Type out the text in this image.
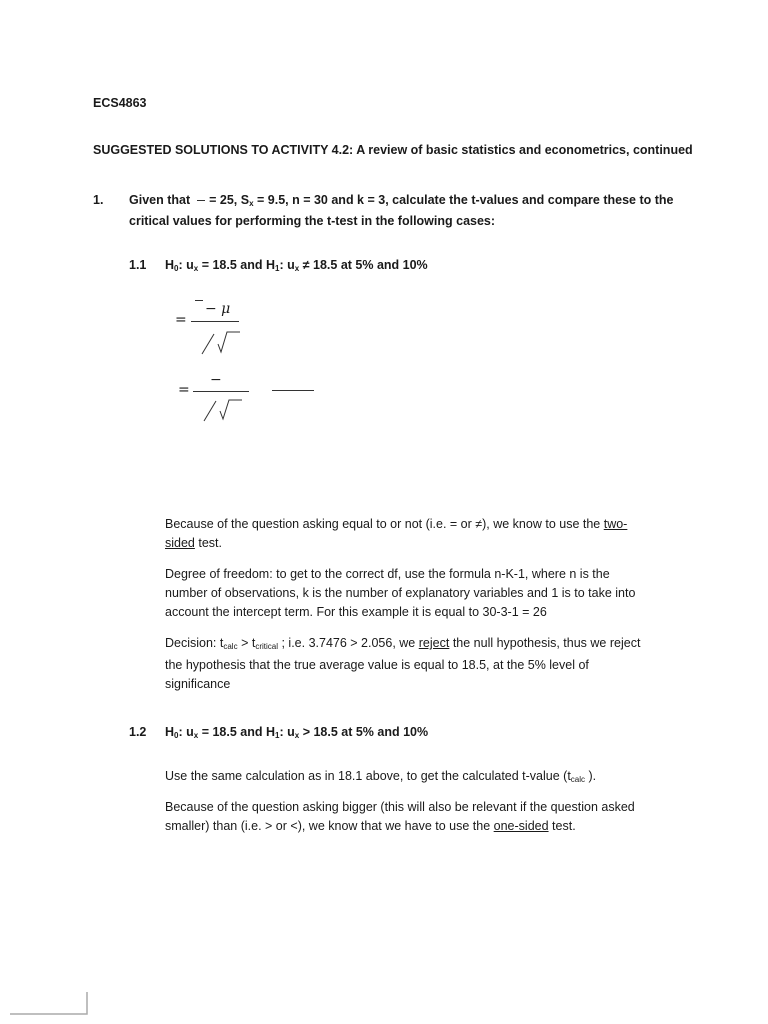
ECS4863
SUGGESTED SOLUTIONS TO ACTIVITY 4.2: A review of basic statistics and econometrics, continued
1. Given that = 25, $S_x = 9.5$, n = 30 and k = 3, calculate the t-values and compare these to the
critical values for performing the t-test in the following cases:
1.1 $H_0$: $u_x = 18.5$ and $H_1$: $u_x \ne 18.5$ at 5% and 10%
=
− μ
=
−
Because of the question asking equal to or not (i.e. = or ≠), we know to use the two-
sided test.
Degree of freedom: to get to the correct df, use the formula n-K-1, where n is the
number of observations, k is the number of explanatory variables and 1 is to take into
account the intercept term. For this example it is equal to 30-3-1 = 26
Decision: $t_{calc} > t_{critical}$ ; i.e. 3.7476 > 2.056, we reject the null hypothesis, thus we reject
the hypothesis that the true average value is equal to 18.5, at the 5% level of
significance
1.2 $H_0$: $u_x = 18.5$ and $H_1$: $u_x > 18.5$ at 5% and 10%
Use the same calculation as in 18.1 above, to get the calculated t-value ($t_{calc}$ ).
Because of the question asking bigger (this will also be relevant if the question asked
smaller) than (i.e. > or <), we know that we have to use the one-sided test.
